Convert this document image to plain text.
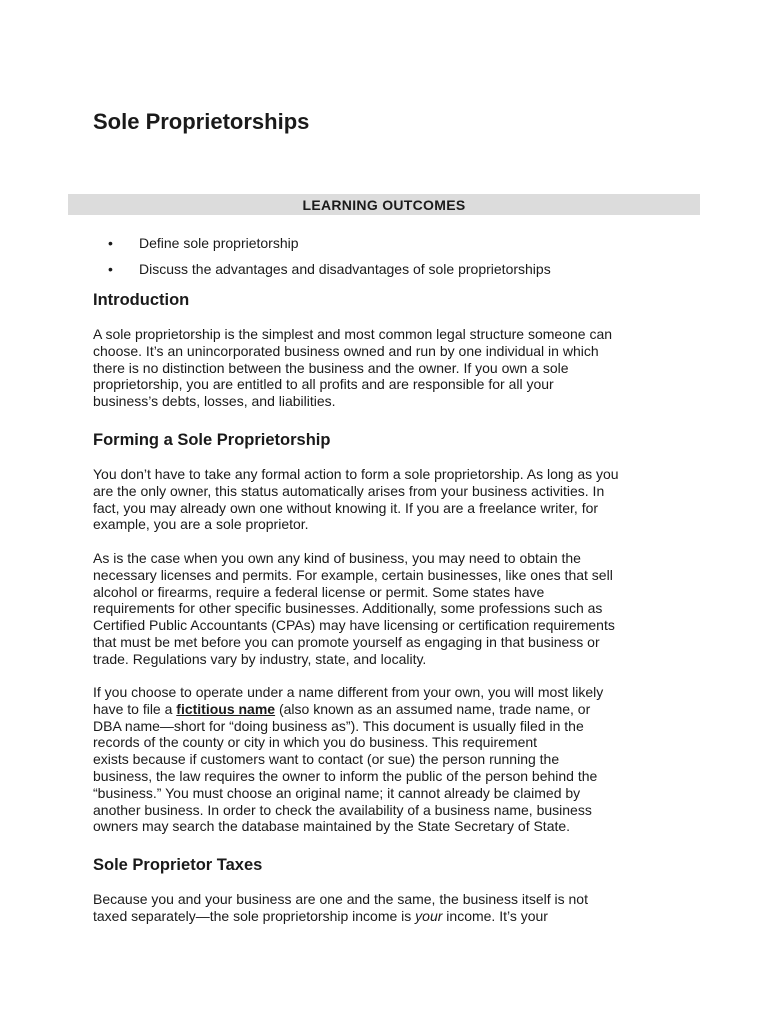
Sole Proprietorships
LEARNING OUTCOMES
• Define sole proprietorship
• Discuss the advantages and disadvantages of sole proprietorships
Introduction

A sole proprietorship is the simplest and most common legal structure someone can
choose. It’s an unincorporated business owned and run by one individual in which
there is no distinction between the business and the owner. If you own a sole
proprietorship, you are entitled to all profits and are responsible for all your
business’s debts, losses, and liabilities.

Forming a Sole Proprietorship

You don’t have to take any formal action to form a sole proprietorship. As long as you
are the only owner, this status automatically arises from your business activities. In
fact, you may already own one without knowing it. If you are a freelance writer, for
example, you are a sole proprietor.

As is the case when you own any kind of business, you may need to obtain the
necessary licenses and permits. For example, certain businesses, like ones that sell
alcohol or firearms, require a federal license or permit. Some states have
requirements for other specific businesses. Additionally, some professions such as
Certified Public Accountants (CPAs) may have licensing or certification requirements
that must be met before you can promote yourself as engaging in that business or
trade. Regulations vary by industry, state, and locality.

If you choose to operate under a name different from your own, you will most likely
have to file a fictitious name (also known as an assumed name, trade name, or
DBA name—short for “doing business as”). This document is usually filed in the
records of the county or city in which you do business. This requirement
exists because if customers want to contact (or sue) the person running the
business, the law requires the owner to inform the public of the person behind the
“business.” You must choose an original name; it cannot already be claimed by
another business. In order to check the availability of a business name, business
owners may search the database maintained by the State Secretary of State.

Sole Proprietor Taxes

Because you and your business are one and the same, the business itself is not
taxed separately—the sole proprietorship income is your income. It’s your
